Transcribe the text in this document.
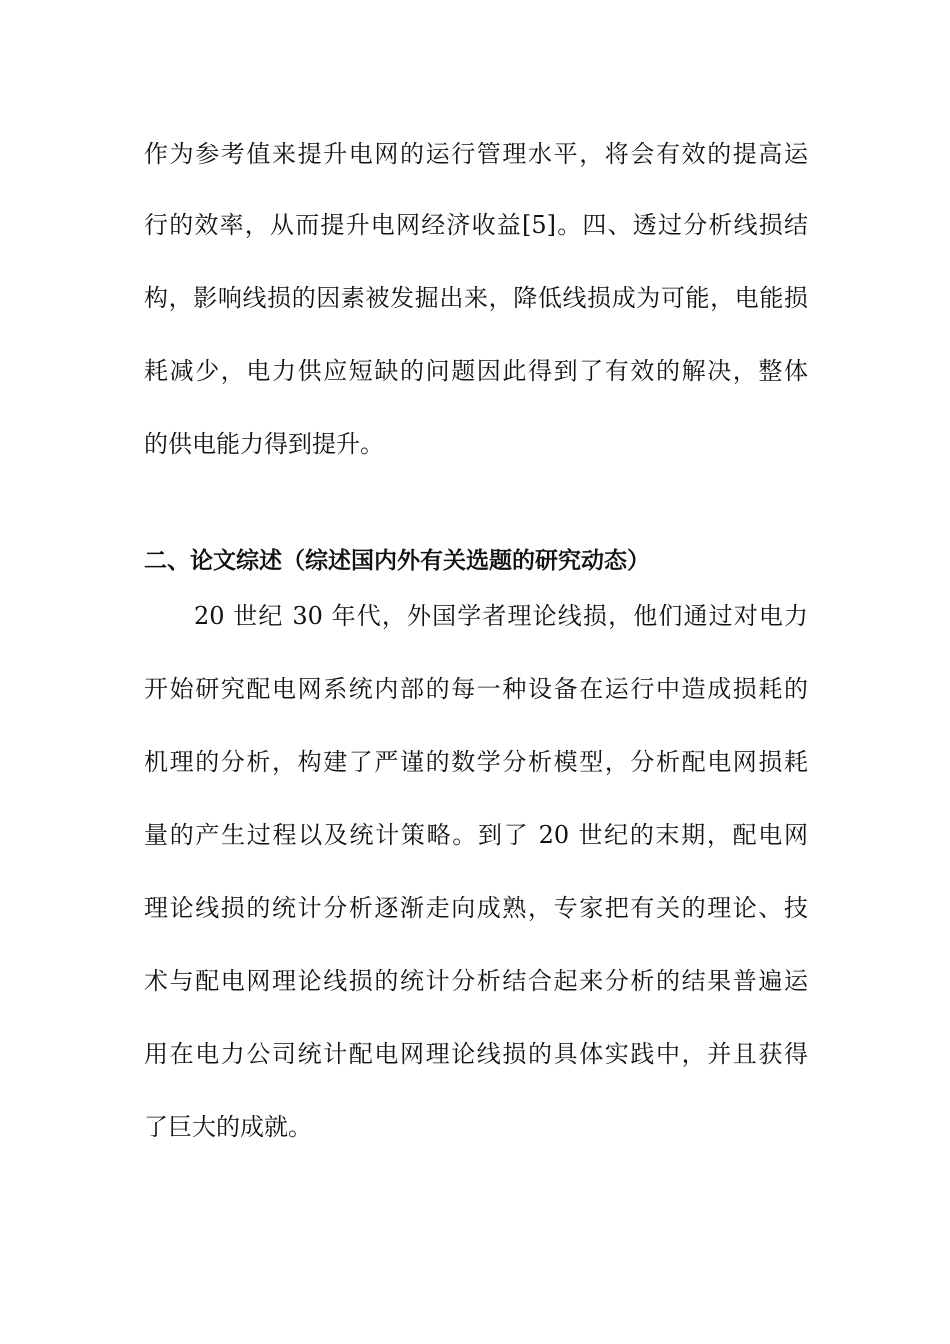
作为参考值来提升电网的运行管理水平，将会有效的提高运
行的效率，从而提升电网经济收益[5]。四、透过分析线损结
构，影响线损的因素被发掘出来，降低线损成为可能，电能损
耗减少，电力供应短缺的问题因此得到了有效的解决，整体
的供电能力得到提升。
二、论文综述（综述国内外有关选题的研究动态）
20 世纪 30 年代，外国学者理论线损，他们通过对电力
开始研究配电网系统内部的每一种设备在运行中造成损耗的
机理的分析，构建了严谨的数学分析模型，分析配电网损耗
量的产生过程以及统计策略。到了 20 世纪的末期，配电网
理论线损的统计分析逐渐走向成熟，专家把有关的理论、技
术与配电网理论线损的统计分析结合起来分析的结果普遍运
用在电力公司统计配电网理论线损的具体实践中，并且获得
了巨大的成就。
